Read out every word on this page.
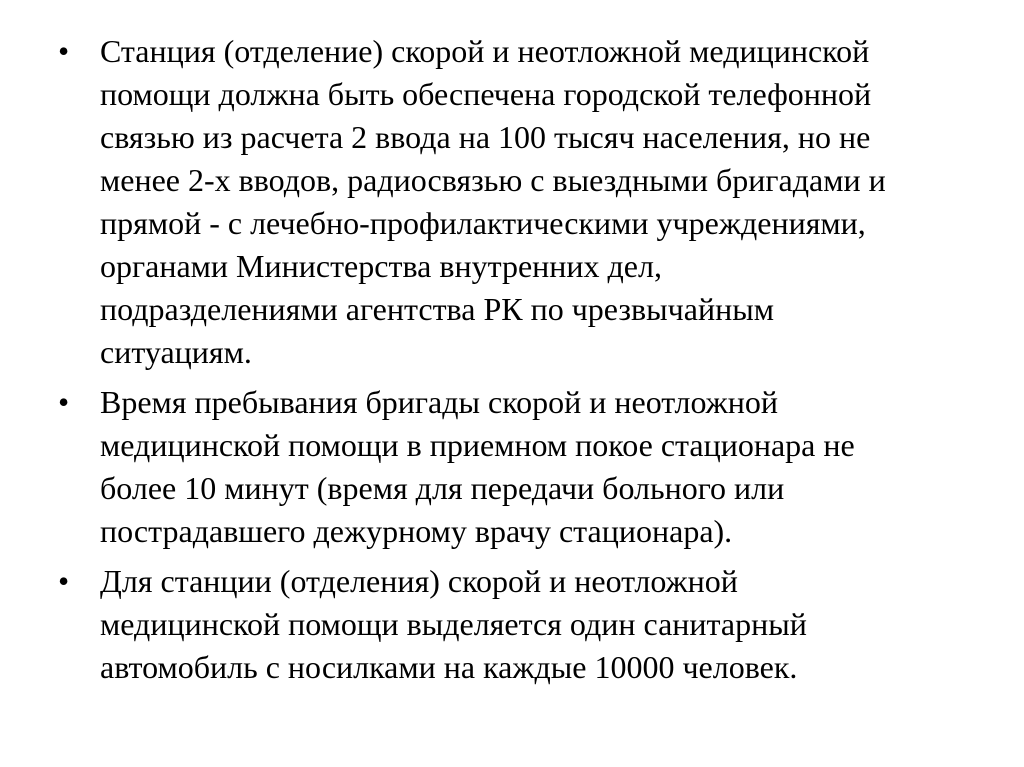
• Станция (отделение) скорой и неотложной медицинской
помощи должна быть обеспечена городской телефонной
связью из расчета 2 ввода на 100 тысяч населения, но не
менее 2-х вводов, радиосвязью с выездными бригадами и
прямой - с лечебно-профилактическими учреждениями,
органами Министерства внутренних дел,
подразделениями агентства РК по чрезвычайным
ситуациям.
• Время пребывания бригады скорой и неотложной
медицинской помощи в приемном покое стационара не
более 10 минут (время для передачи больного или
пострадавшего дежурному врачу стационара).
• Для станции (отделения) скорой и неотложной
медицинской помощи выделяется один санитарный
автомобиль с носилками на каждые 10000 человек.
